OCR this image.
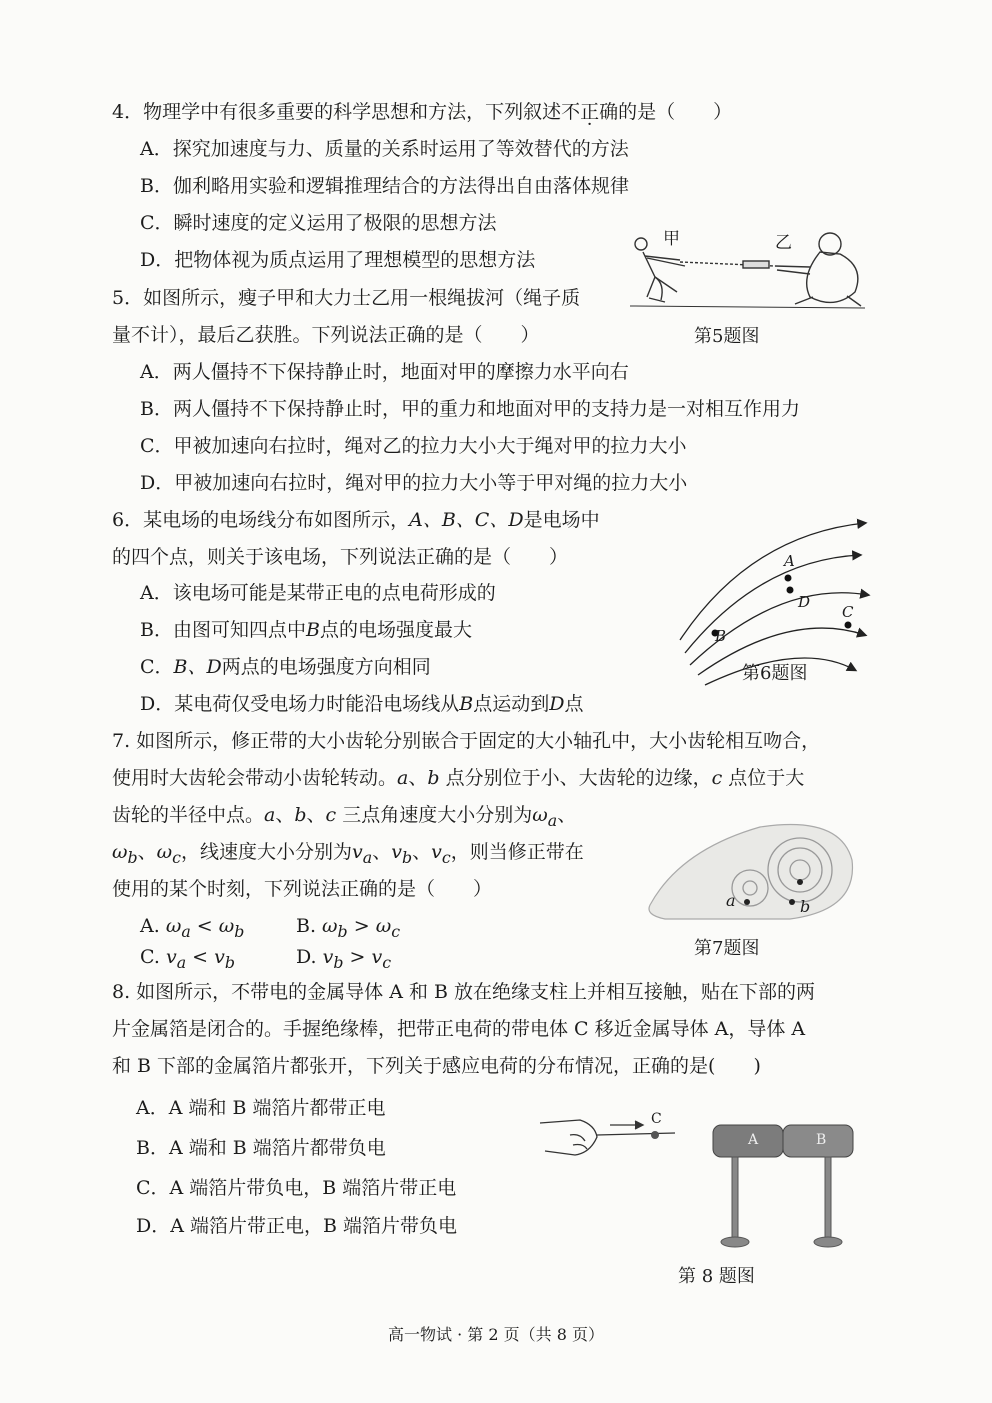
4．物理学中有很多重要的科学思想和方法，下列叙述不正确的是（　　）
A．探究加速度与力、质量的关系时运用了等效替代的方法
B．伽利略用实验和逻辑推理结合的方法得出自由落体规律
C．瞬时速度的定义运用了极限的思想方法
D．把物体视为质点运用了理想模型的思想方法
5．如图所示，瘦子甲和大力士乙用一根绳拔河（绳子质
量不计），最后乙获胜。下列说法正确的是（　　）
甲	乙
第5题图
A．两人僵持不下保持静止时，地面对甲的摩擦力水平向右
B．两人僵持不下保持静止时，甲的重力和地面对甲的支持力是一对相互作用力
C．甲被加速向右拉时，绳对乙的拉力大小大于绳对甲的拉力大小
D．甲被加速向右拉时，绳对甲的拉力大小等于甲对绳的拉力大小
6．某电场的电场线分布如图所示，A、B、C、D是电场中
的四个点，则关于该电场，下列说法正确的是（　　）	A
D
C
B
第6题图
A．该电场可能是某带正电的点电荷形成的
B．由图可知四点中B点的电场强度最大
C．B、D两点的电场强度方向相同
D．某电荷仅受电场力时能沿电场线从B点运动到D点
7. 如图所示，修正带的大小齿轮分别嵌合于固定的大小轴孔中，大小齿轮相互吻合，
使用时大齿轮会带动小齿轮转动。a、b 点分别位于小、大齿轮的边缘，c 点位于大
齿轮的半径中点。a、b、c 三点角速度大小分别为$\omega_a$、
$\omega_b$、$\omega_c$，线速度大小分别为$v_a$、$v_b$、$v_c$，则当修正带在
使用的某个时刻，下列说法正确的是（　　）
a	b
第7题图
A. $\omega_a < \omega_b$	B. $\omega_b > \omega_c$
C. $v_a < v_b$	D. $v_b > v_c$
8. 如图所示，不带电的金属导体 A 和 B 放在绝缘支柱上并相互接触，贴在下部的两
片金属箔是闭合的。手握绝缘棒，把带正电荷的带电体 C 移近金属导体 A，导体 A
和 B 下部的金属箔片都张开，下列关于感应电荷的分布情况，正确的是(　　)
A．A 端和 B 端箔片都带正电
B．A 端和 B 端箔片都带负电
C．A 端箔片带负电，B 端箔片带正电
D．A 端箔片带正电，B 端箔片带负电
C
A	B
第 8 题图
高一物试 · 第 2 页（共 8 页）
